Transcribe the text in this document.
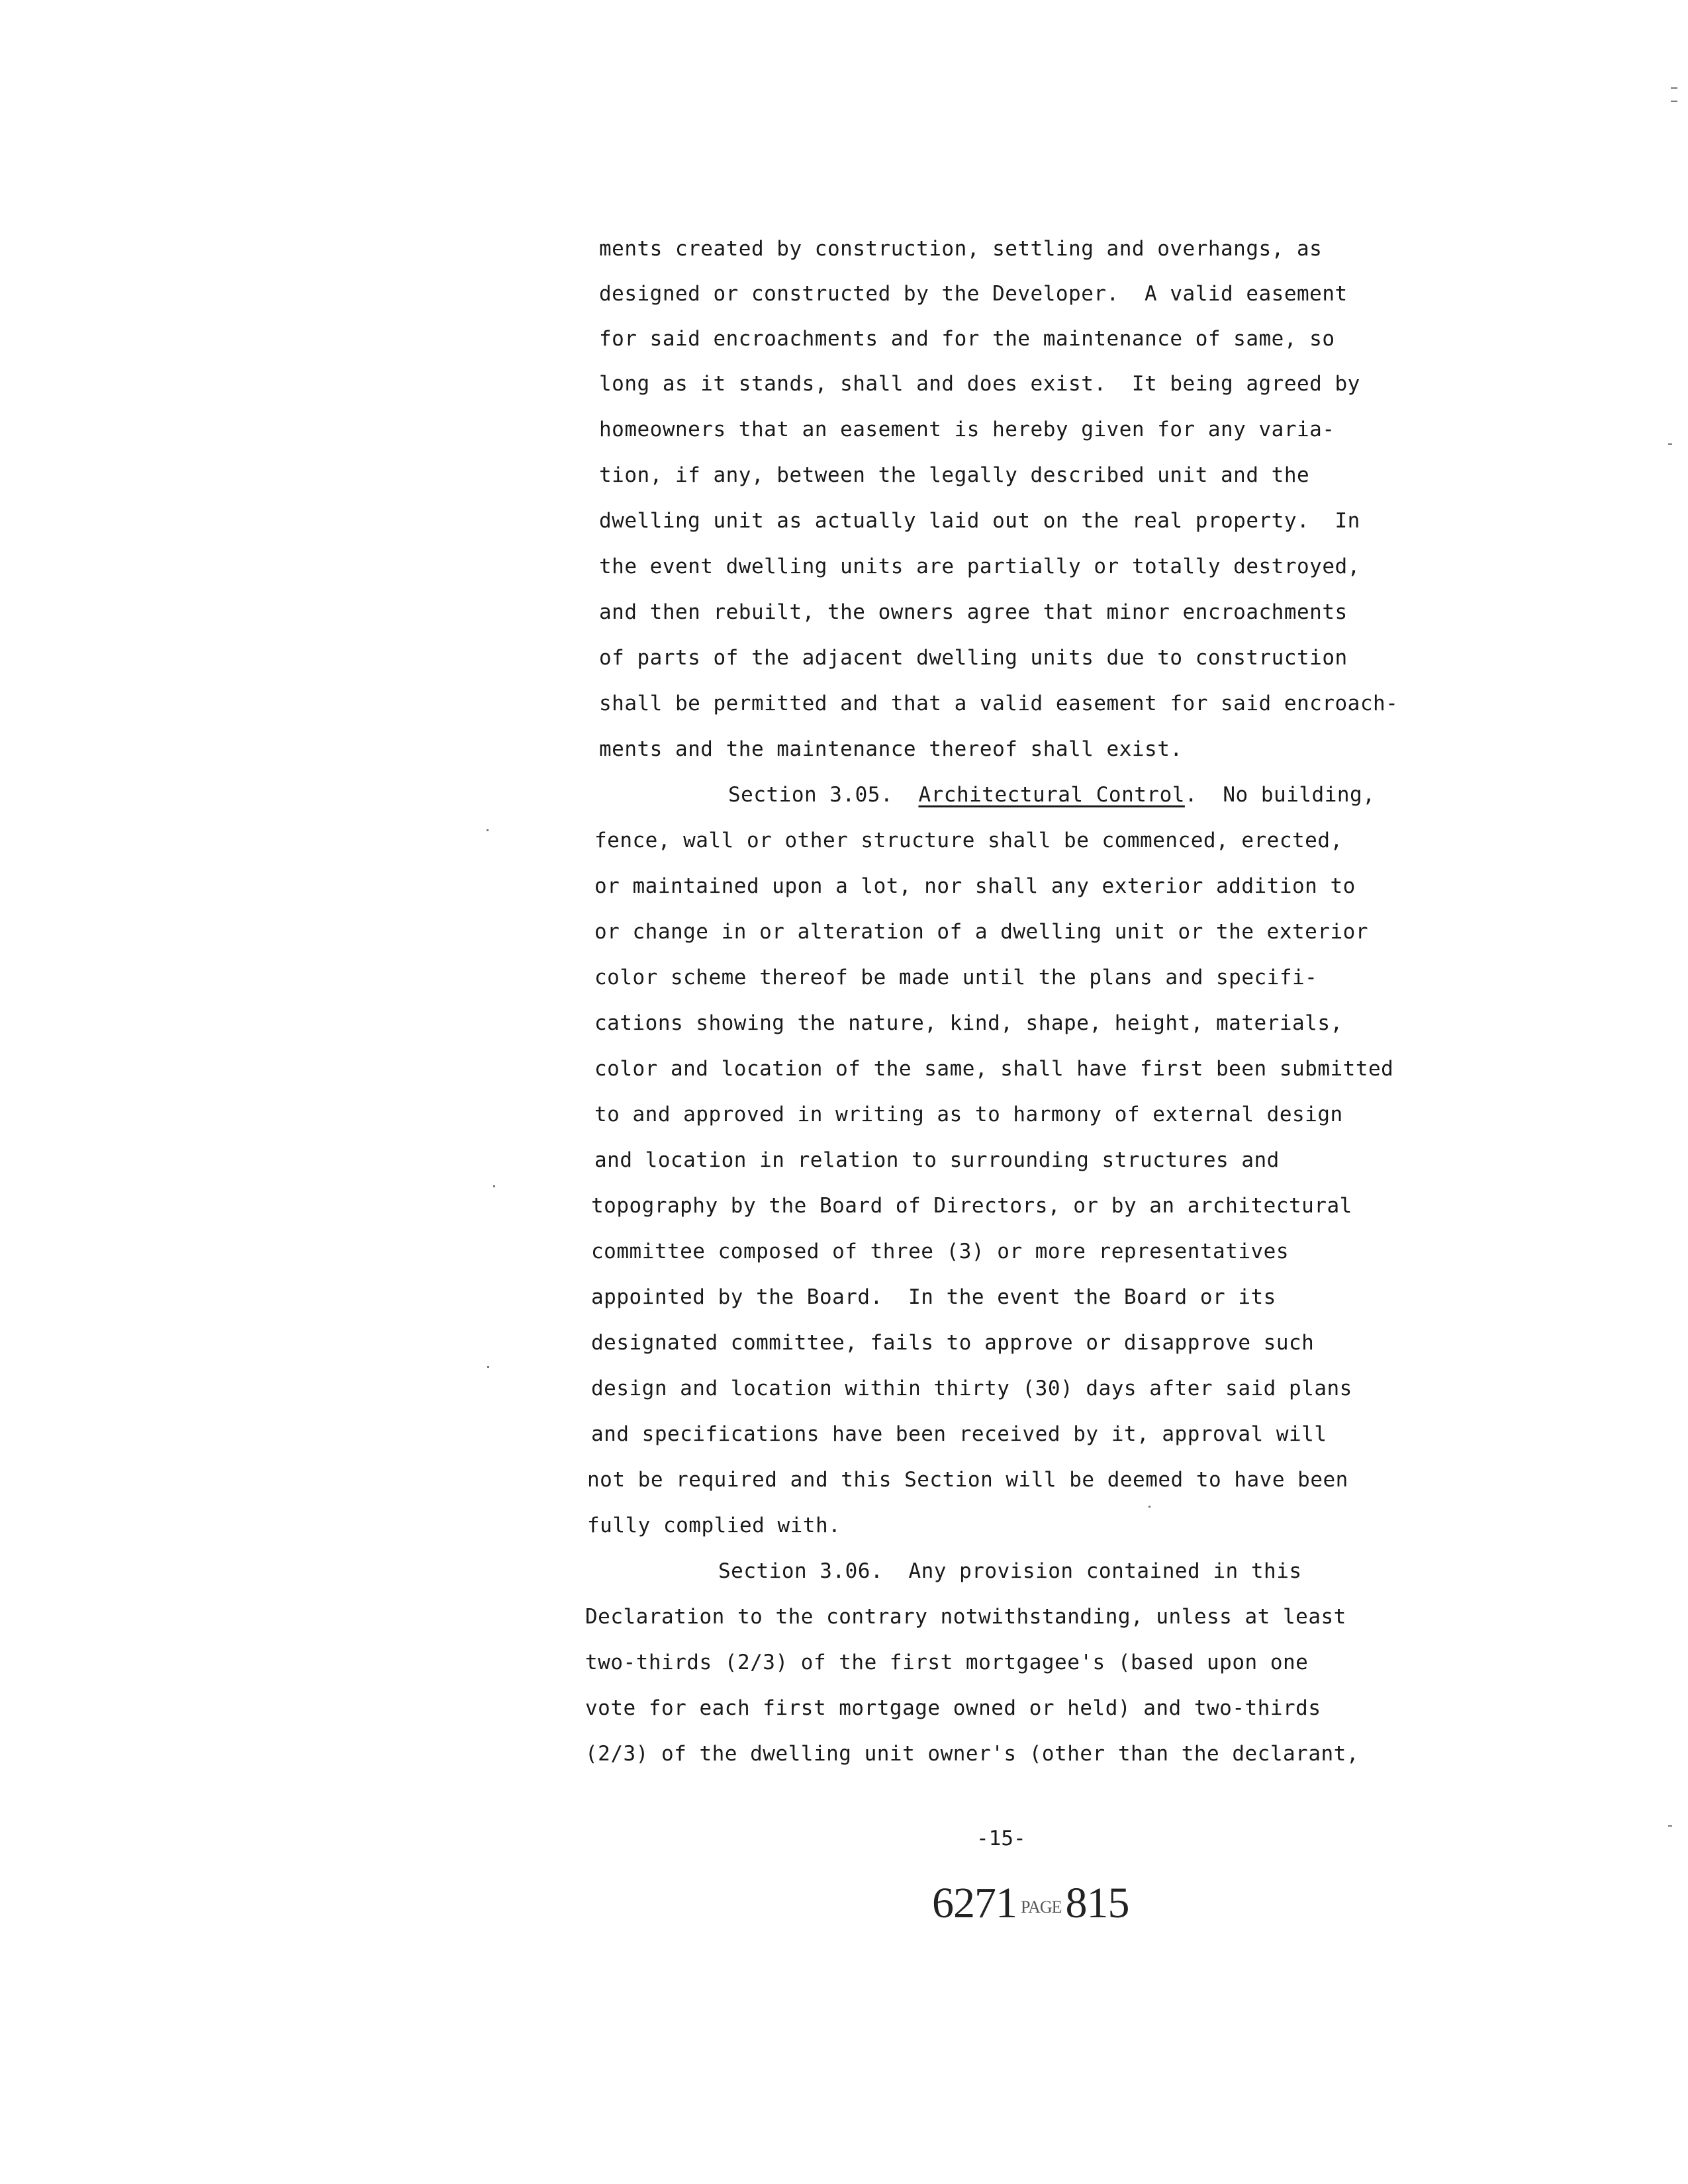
ments created by construction, settling and overhangs, as
designed or constructed by the Developer.  A valid easement
for said encroachments and for the maintenance of same, so
long as it stands, shall and does exist.  It being agreed by
homeowners that an easement is hereby given for any varia-
tion, if any, between the legally described unit and the
dwelling unit as actually laid out on the real property.  In
the event dwelling units are partially or totally destroyed,
and then rebuilt, the owners agree that minor encroachments
of parts of the adjacent dwelling units due to construction
shall be permitted and that a valid easement for said encroach-
ments and the maintenance thereof shall exist.
Section 3.05. Architectural Control.  No building,
fence, wall or other structure shall be commenced, erected,
or maintained upon a lot, nor shall any exterior addition to
or change in or alteration of a dwelling unit or the exterior
color scheme thereof be made until the plans and specifi-
cations showing the nature, kind, shape, height, materials,
color and location of the same, shall have first been submitted
to and approved in writing as to harmony of external design
and location in relation to surrounding structures and
topography by the Board of Directors, or by an architectural
committee composed of three (3) or more representatives
appointed by the Board.  In the event the Board or its
designated committee, fails to approve or disapprove such
design and location within thirty (30) days after said plans
and specifications have been received by it, approval will
not be required and this Section will be deemed to have been
fully complied with.
Section 3.06.  Any provision contained in this
Declaration to the contrary notwithstanding, unless at least
two-thirds (2/3) of the first mortgagee's (based upon one
vote for each first mortgage owned or held) and two-thirds
(2/3) of the dwelling unit owner's (other than the declarant,
-15-
6271 PAGE815
